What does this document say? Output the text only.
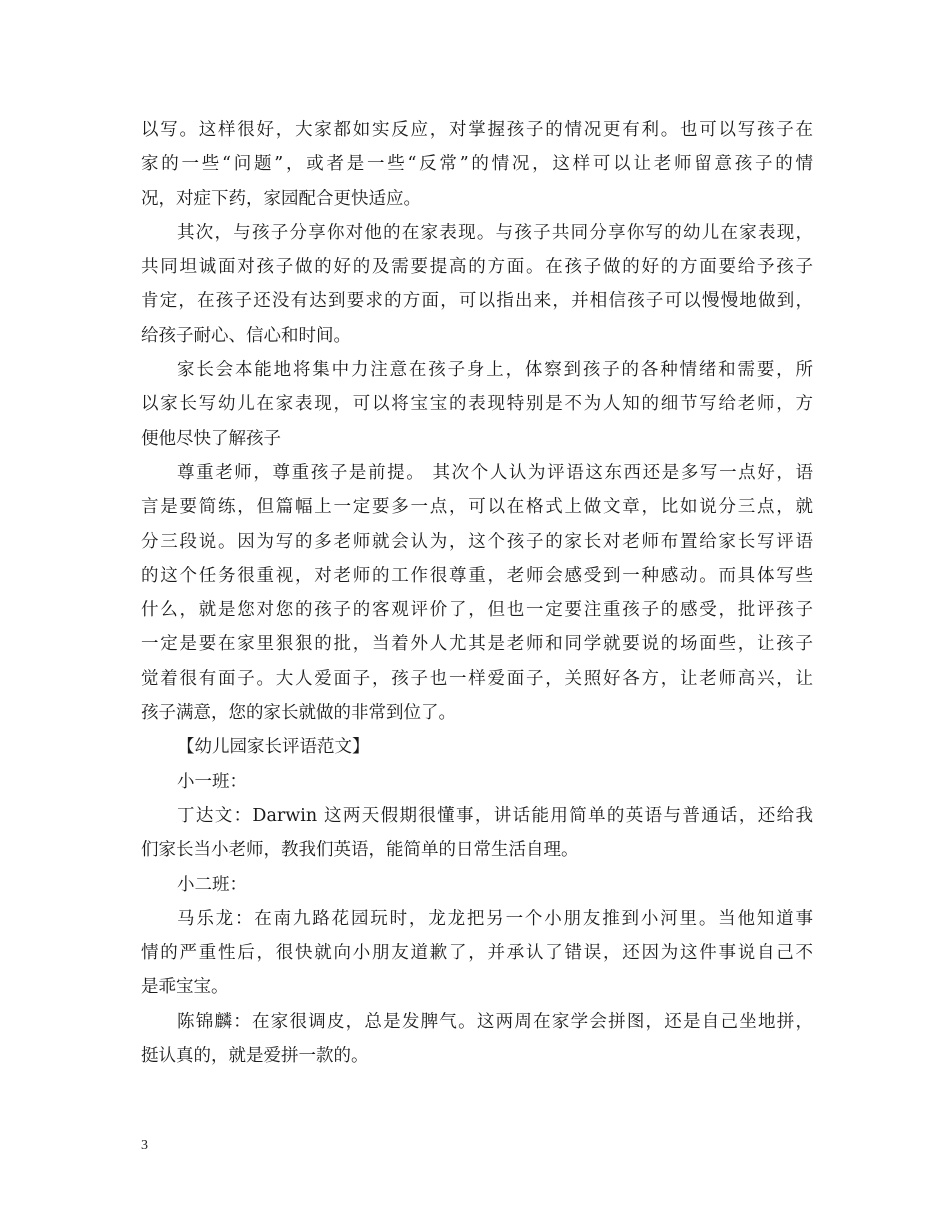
以写。这样很好，大家都如实反应，对掌握孩子的情况更有利。也可以写孩子在
家的一些“问题”，或者是一些“反常”的情况，这样可以让老师留意孩子的情
况，对症下药，家园配合更快适应。
其次，与孩子分享你对他的在家表现。与孩子共同分享你写的幼儿在家表现，
共同坦诚面对孩子做的好的及需要提高的方面。在孩子做的好的方面要给予孩子
肯定，在孩子还没有达到要求的方面，可以指出来，并相信孩子可以慢慢地做到，
给孩子耐心、信心和时间。
家长会本能地将集中力注意在孩子身上，体察到孩子的各种情绪和需要，所
以家长写幼儿在家表现，可以将宝宝的表现特别是不为人知的细节写给老师，方
便他尽快了解孩子
尊重老师，尊重孩子是前提。 其次个人认为评语这东西还是多写一点好，语
言是要简练，但篇幅上一定要多一点，可以在格式上做文章，比如说分三点，就
分三段说。因为写的多老师就会认为，这个孩子的家长对老师布置给家长写评语
的这个任务很重视，对老师的工作很尊重，老师会感受到一种感动。而具体写些
什么，就是您对您的孩子的客观评价了，但也一定要注重孩子的感受，批评孩子
一定是要在家里狠狠的批，当着外人尤其是老师和同学就要说的场面些，让孩子
觉着很有面子。大人爱面子，孩子也一样爱面子，关照好各方，让老师高兴，让
孩子满意，您的家长就做的非常到位了。
【幼儿园家长评语范文】
小一班：
丁达文：Darwin 这两天假期很懂事，讲话能用简单的英语与普通话，还给我
们家长当小老师，教我们英语，能简单的日常生活自理。
小二班：
马乐龙：在南九路花园玩时，龙龙把另一个小朋友推到小河里。当他知道事
情的严重性后，很快就向小朋友道歉了，并承认了错误，还因为这件事说自己不
是乖宝宝。
陈锦麟：在家很调皮，总是发脾气。这两周在家学会拼图，还是自己坐地拼，
挺认真的，就是爱拼一款的。
3
